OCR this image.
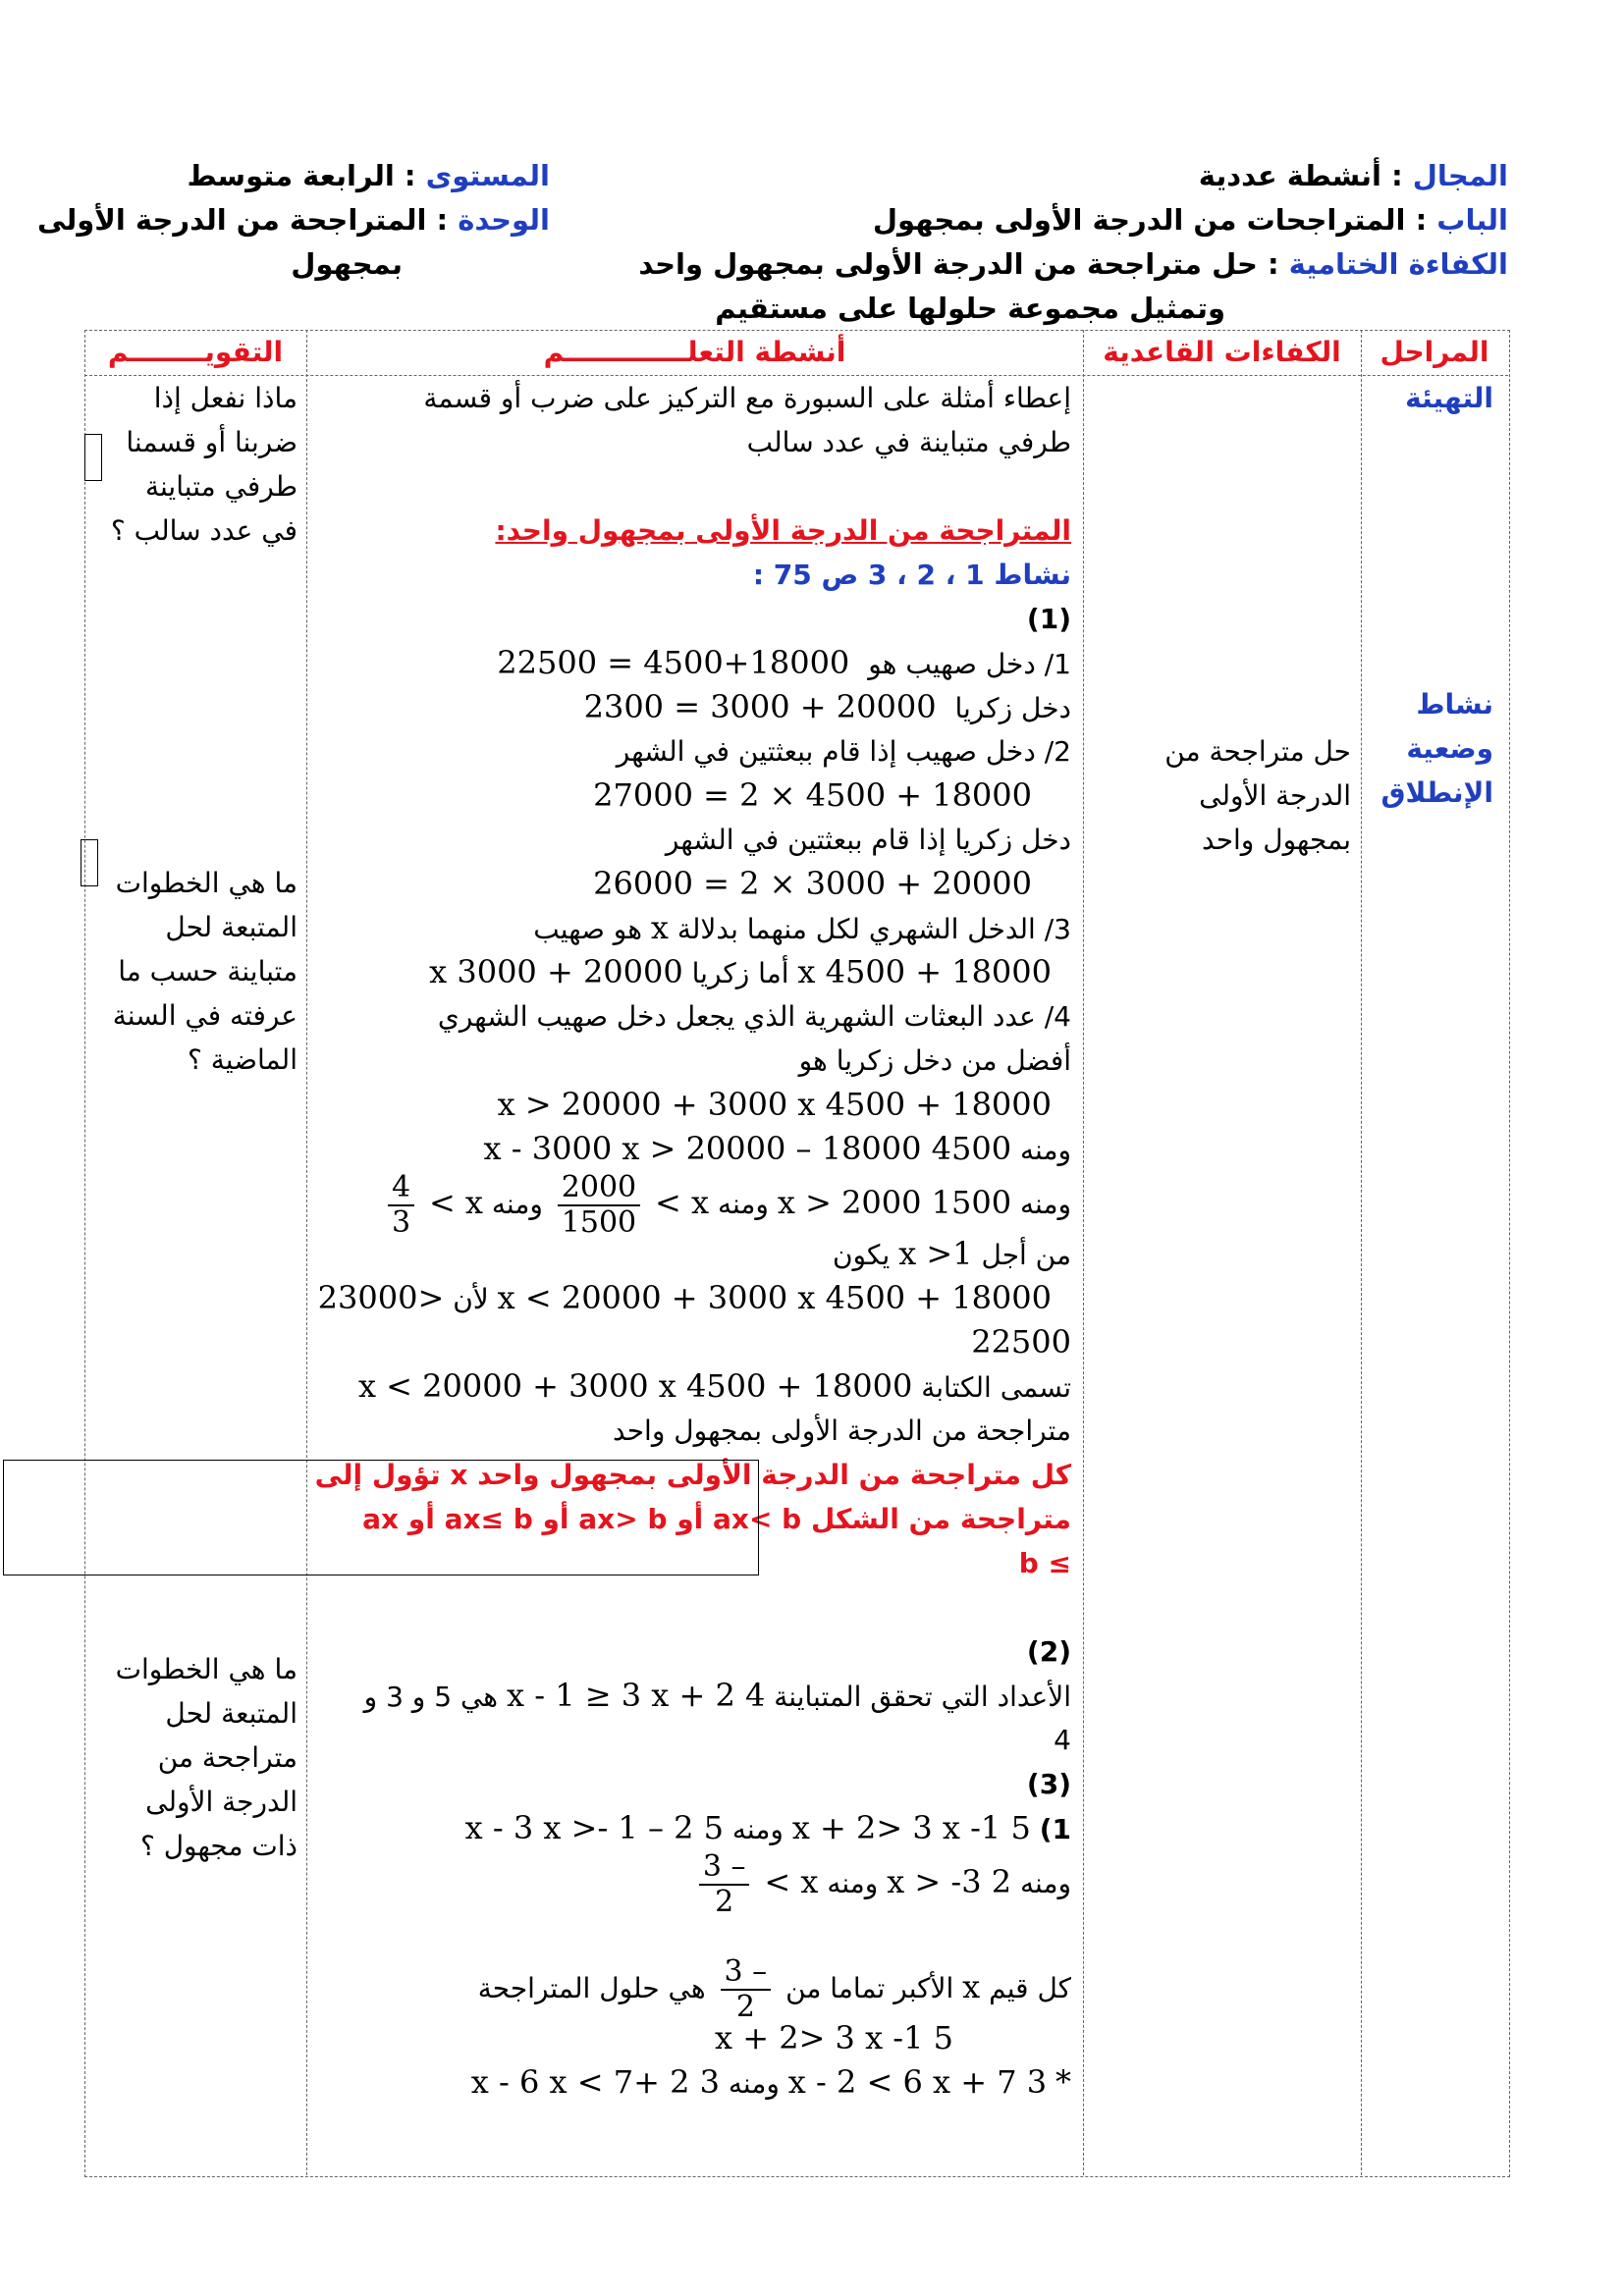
المجال : أنشطة عددية
الباب : المتراجحات من الدرجة الأولى بمجهول
الكفاءة الختامية : حل متراجحة من الدرجة الأولى بمجهول واحد
وتمثيل مجموعة حلولها على مستقيم
المستوى : الرابعة متوسط
الوحدة : المتراجحة من الدرجة الأولى
بمجهول
المراحل
الكفاءات القاعدية
أنشطة التعلـــــــــــــم
التقويــــــــم
التهيئة
نشاط
وضعية
الإنطلاق
حل متراجحة من
الدرجة الأولى
بمجهول واحد
ماذا نفعل إذا
ضربنا أو قسمنا
طرفي متباينة
في عدد سالب ؟
ما هي الخطوات
المتبعة لحل
متباينة حسب ما
عرفته في السنة
الماضية ؟
ما هي الخطوات
المتبعة لحل
متراجحة من
الدرجة الأولى
ذات مجهول ؟
إعطاء أمثلة على السبورة مع التركيز على ضرب أو قسمة
طرفي متباينة في عدد سالب
المتراجحة من الدرجة الأولى بمجهول واحد:
نشاط 1 ، 2 ، 3 ص 75 :
(1)
1/ دخل صهيب هو 18000+4500 = 22500
دخل زكريا 20000 + 3000 = 2300
2/ دخل صهيب إذا قام ببعثتين في الشهر
18000 + 4500 × 2 = 27000
دخل زكريا إذا قام ببعثتين في الشهر
20000 + 3000 × 2 = 26000
3/ الدخل الشهري لكل منهما بدلالة x هو صهيب
18000 + 4500 x أما زكريا 20000 + 3000 x
4/ عدد البعثات الشهرية الذي يجعل دخل صهيب الشهري
أفضل من دخل زكريا هو
18000 + 4500 x > 20000 + 3000 x
ومنه 4500 x - 3000 x > 20000 – 18000
ومنه 1500 x > 2000 ومنه x >
$\frac{2000}{1500}$
ومنه x >
$\frac{4}{3}$
من أجل x >1 يكون
18000 + 4500 x < 20000 + 3000 x لأن <23000
22500
تسمى الكتابة 18000 + 4500 x < 20000 + 3000 x
متراجحة من الدرجة الأولى بمجهول واحد
كل متراجحة من الدرجة الأولى بمجهول واحد x تؤول إلى
متراجحة من الشكل ax< b أو ax> b أو ax≤ b أو ax
≥ b
(2)
الأعداد التي تحقق المتباينة 4 x - 1 ≥ 3 x + 2 هي 5 و 3 و
4
(3)
1) 5 x + 2> 3 x -1 ومنه 5 x - 3 x >- 1 – 2
ومنه 2 x > -3 ومنه x >
$\frac{- 3}{2}$
كل قيم x الأكبر تماما من
$\frac{- 3}{2}$
هي حلول المتراجحة
5 x + 2> 3 x -1
* 3 x - 2 < 6 x + 7 ومنه 3 x - 6 x < 7+ 2
